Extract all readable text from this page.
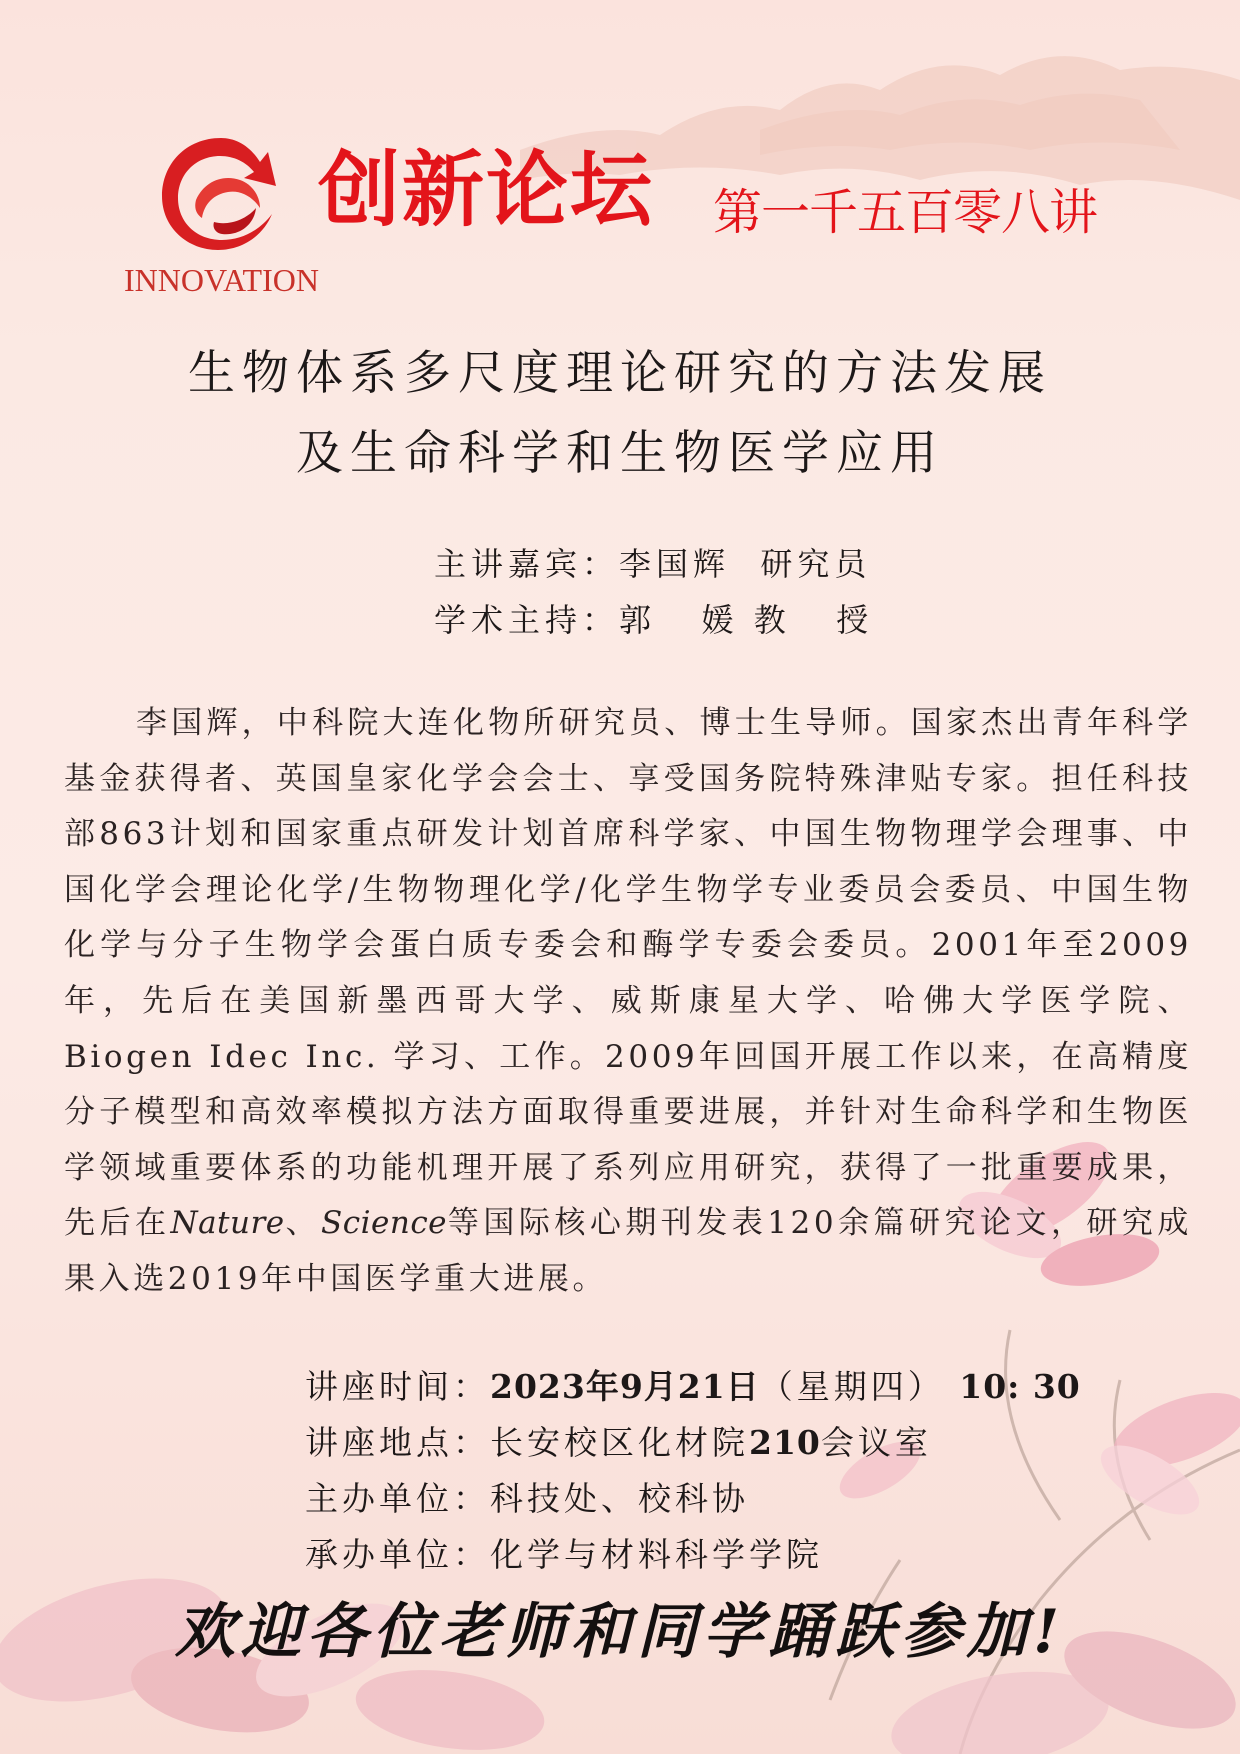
INNOVATION
创新论坛 第一千五百零八讲
生物体系多尺度理论研究的方法发展
及生命科学和生物医学应用
主讲嘉宾：李国辉  研究员
学术主持：郭   媛 教   授

李国辉，中科院大连化物所研究员、博士生导师。国家杰出青年科学基金获得者、英国皇家化学会会士、享受国务院特殊津贴专家。担任科技部863计划和国家重点研发计划首席科学家、中国生物物理学会理事、中国化学会理论化学/生物物理化学/化学生物学专业委员会委员、中国生物化学与分子生物学会蛋白质专委会和酶学专委会委员。2001年至2009年，先后在美国新墨西哥大学、威斯康星大学、哈佛大学医学院、Biogen Idec Inc. 学习、工作。2009年回国开展工作以来，在高精度分子模型和高效率模拟方法方面取得重要进展，并针对生命科学和生物医学领域重要体系的功能机理开展了系列应用研究，获得了一批重要成果，先后在Nature、Science等国际核心期刊发表120余篇研究论文，研究成果入选2019年中国医学重大进展。

讲座时间：2023年9月21日（星期四） 10: 30
讲座地点：长安校区化材院210会议室
主办单位：科技处、校科协
承办单位：化学与材料科学学院
欢迎各位老师和同学踊跃参加!
